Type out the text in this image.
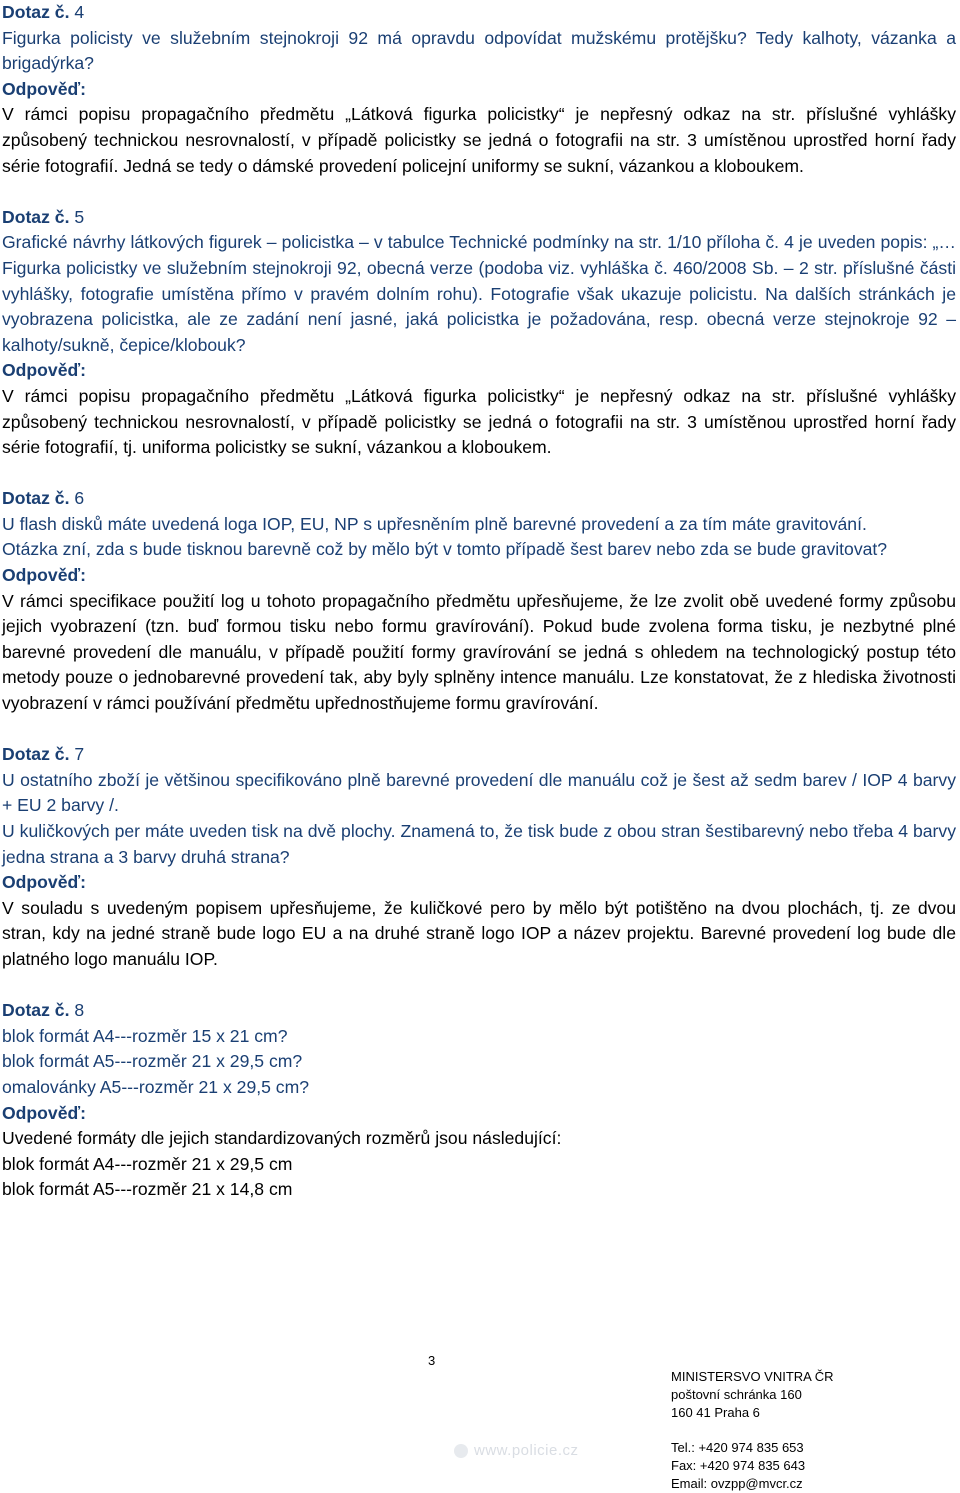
Dotaz č. 4

Figurka policisty ve služebním stejnokroji 92 má opravdu odpovídat mužskému protějšku? Tedy kalhoty, vázanka a brigadýrka?

Odpověď:

V rámci popisu propagačního předmětu „Látková figurka policistky“ je nepřesný odkaz na str. příslušné vyhlášky způsobený technickou nesrovnalostí, v případě policistky se jedná o fotografii na str. 3 umístěnou uprostřed horní řady série fotografií. Jedná se tedy o dámské provedení policejní uniformy se sukní, vázankou a kloboukem.

Dotaz č. 5

Grafické návrhy látkových figurek – policistka – v tabulce Technické podmínky na str. 1/10 příloha č. 4 je uveden popis: „… Figurka policistky ve služebním stejnokroji 92, obecná verze (podoba viz. vyhláška č. 460/2008 Sb. – 2 str. příslušné části vyhlášky, fotografie umístěna přímo v pravém dolním rohu). Fotografie však ukazuje policistu. Na dalších stránkách je vyobrazena policistka, ale ze zadání není jasné, jaká policistka je požadována, resp. obecná verze stejnokroje 92 – kalhoty/sukně, čepice/klobouk?

Odpověď:

V rámci popisu propagačního předmětu „Látková figurka policistky“ je nepřesný odkaz na str. příslušné vyhlášky způsobený technickou nesrovnalostí, v případě policistky se jedná o fotografii na str. 3 umístěnou uprostřed horní řady série fotografií, tj. uniforma policistky se sukní, vázankou a kloboukem.

Dotaz č. 6

U flash disků máte uvedená loga IOP, EU, NP s upřesněním plně barevné provedení a za tím máte gravitování.

Otázka zní, zda s bude tisknou barevně což by mělo být v tomto případě šest barev nebo zda se bude gravitovat?

Odpověď:

V rámci specifikace použití log u tohoto propagačního předmětu upřesňujeme, že lze zvolit obě uvedené formy způsobu jejich vyobrazení (tzn. buď formou tisku nebo formu gravírování). Pokud bude zvolena forma tisku, je nezbytné plné barevné provedení dle manuálu, v případě použití formy gravírování se jedná s ohledem na technologický postup této metody pouze o jednobarevné provedení tak, aby byly splněny intence manuálu. Lze konstatovat, že z hlediska životnosti vyobrazení v rámci používání předmětu upřednostňujeme formu gravírování.

Dotaz č. 7

U ostatního zboží je většinou specifikováno plně barevné provedení dle manuálu což je šest až sedm barev / IOP 4 barvy + EU 2 barvy /.

U kuličkových per máte uveden tisk na dvě plochy. Znamená to, že tisk bude z obou stran šestibarevný nebo třeba 4 barvy jedna strana a 3 barvy druhá strana?

Odpověď:

V souladu s uvedeným popisem upřesňujeme, že kuličkové pero by mělo být potištěno na dvou plochách, tj. ze dvou stran, kdy na jedné straně bude logo EU a na druhé straně logo IOP a název projektu. Barevné provedení log bude dle platného logo manuálu IOP.

Dotaz č. 8

blok formát A4---rozměr 15 x 21 cm?

blok formát A5---rozměr 21 x 29,5 cm?

omalovánky A5---rozměr 21 x 29,5 cm?

Odpověď:

Uvedené formáty dle jejich standardizovaných rozměrů jsou následující:

blok formát A4---rozměr 21 x 29,5 cm

blok formát A5---rozměr 21 x 14,8 cm

3
www.policie.cz
MINISTERSVO VNITRA ČR
poštovní schránka 160
160 41 Praha 6
Tel.: +420 974 835 653
Fax: +420 974 835 643
Email: ovzpp@mvcr.cz
